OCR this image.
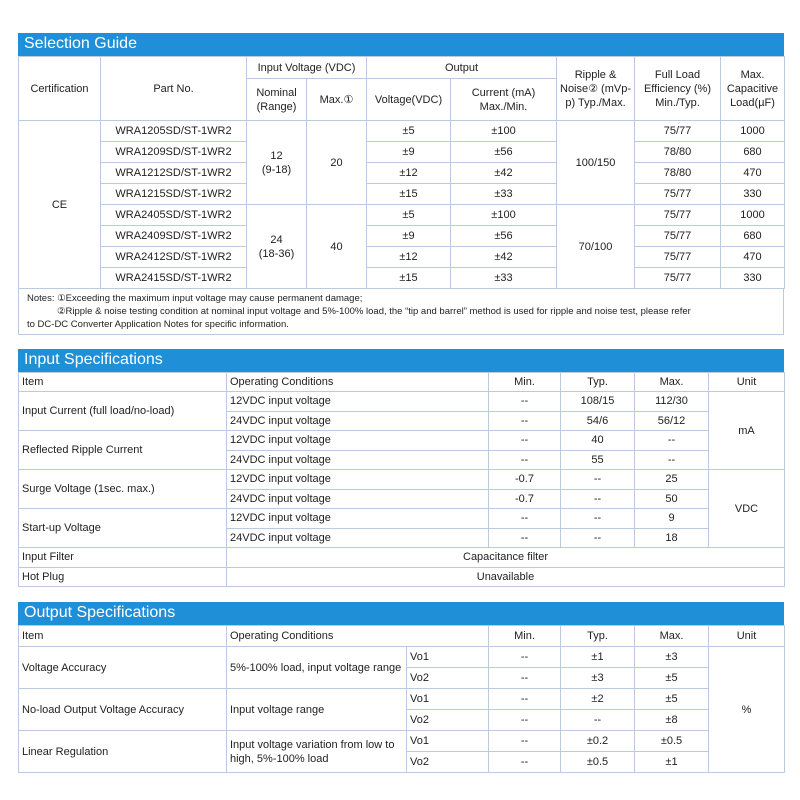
Selection Guide
Certification	Part No.	Input Voltage (VDC)		Output		Ripple & Noise② (mVp-p) Typ./Max.	Full Load Efficiency (%) Min./Typ.	Max. Capacitive Load(µF)
		Nominal (Range)	Max.①	Voltage(VDC)	Current (mA) Max./Min.			
CE	WRA1205SD/ST-1WR2	12
(9-18)	20	±5	±100	100/150	75/77	1000
	WRA1209SD/ST-1WR2			±9	±56		78/80	680
	WRA1212SD/ST-1WR2			±12	±42		78/80	470
	WRA1215SD/ST-1WR2			±15	±33		75/77	330
	WRA2405SD/ST-1WR2	24
(18-36)	40	±5	±100	70/100	75/77	1000
	WRA2409SD/ST-1WR2			±9	±56		75/77	680
	WRA2412SD/ST-1WR2			±12	±42		75/77	470
	WRA2415SD/ST-1WR2			±15	±33		75/77	330
Notes: ①Exceeding the maximum input voltage may cause permanent damage;
②Ripple & noise testing condition at nominal input voltage and 5%-100% load, the “tip and barrel” method is used for ripple and noise test, please refer
to DC-DC Converter Application Notes for specific information.
Input Specifications
Item	Operating Conditions	Min.	Typ.	Max.	Unit
Input Current (full load/no-load)	12VDC input voltage	--	108/15	112/30	mA
	24VDC input voltage	--	54/6	56/12	
Reflected Ripple Current	12VDC input voltage	--	40	--	
	24VDC input voltage	--	55	--	
Surge Voltage (1sec. max.)	12VDC input voltage	-0.7	--	25	VDC
	24VDC input voltage	-0.7	--	50	
Start-up Voltage	12VDC input voltage	--	--	9	
	24VDC input voltage	--	--	18	
Input Filter	Capacitance filter				
Hot Plug	Unavailable				
Output Specifications
Item	Operating Conditions		Min.	Typ.	Max.	Unit
Voltage Accuracy	5%-100% load, input voltage range	Vo1	--	±1	±3	%
		Vo2	--	±3	±5	
No-load Output Voltage Accuracy	Input voltage range	Vo1	--	±2	±5	
		Vo2	--	--	±8	
Linear Regulation	Input voltage variation from low to high, 5%-100% load	Vo1	--	±0.2	±0.5	
		Vo2	--	±0.5	±1	
